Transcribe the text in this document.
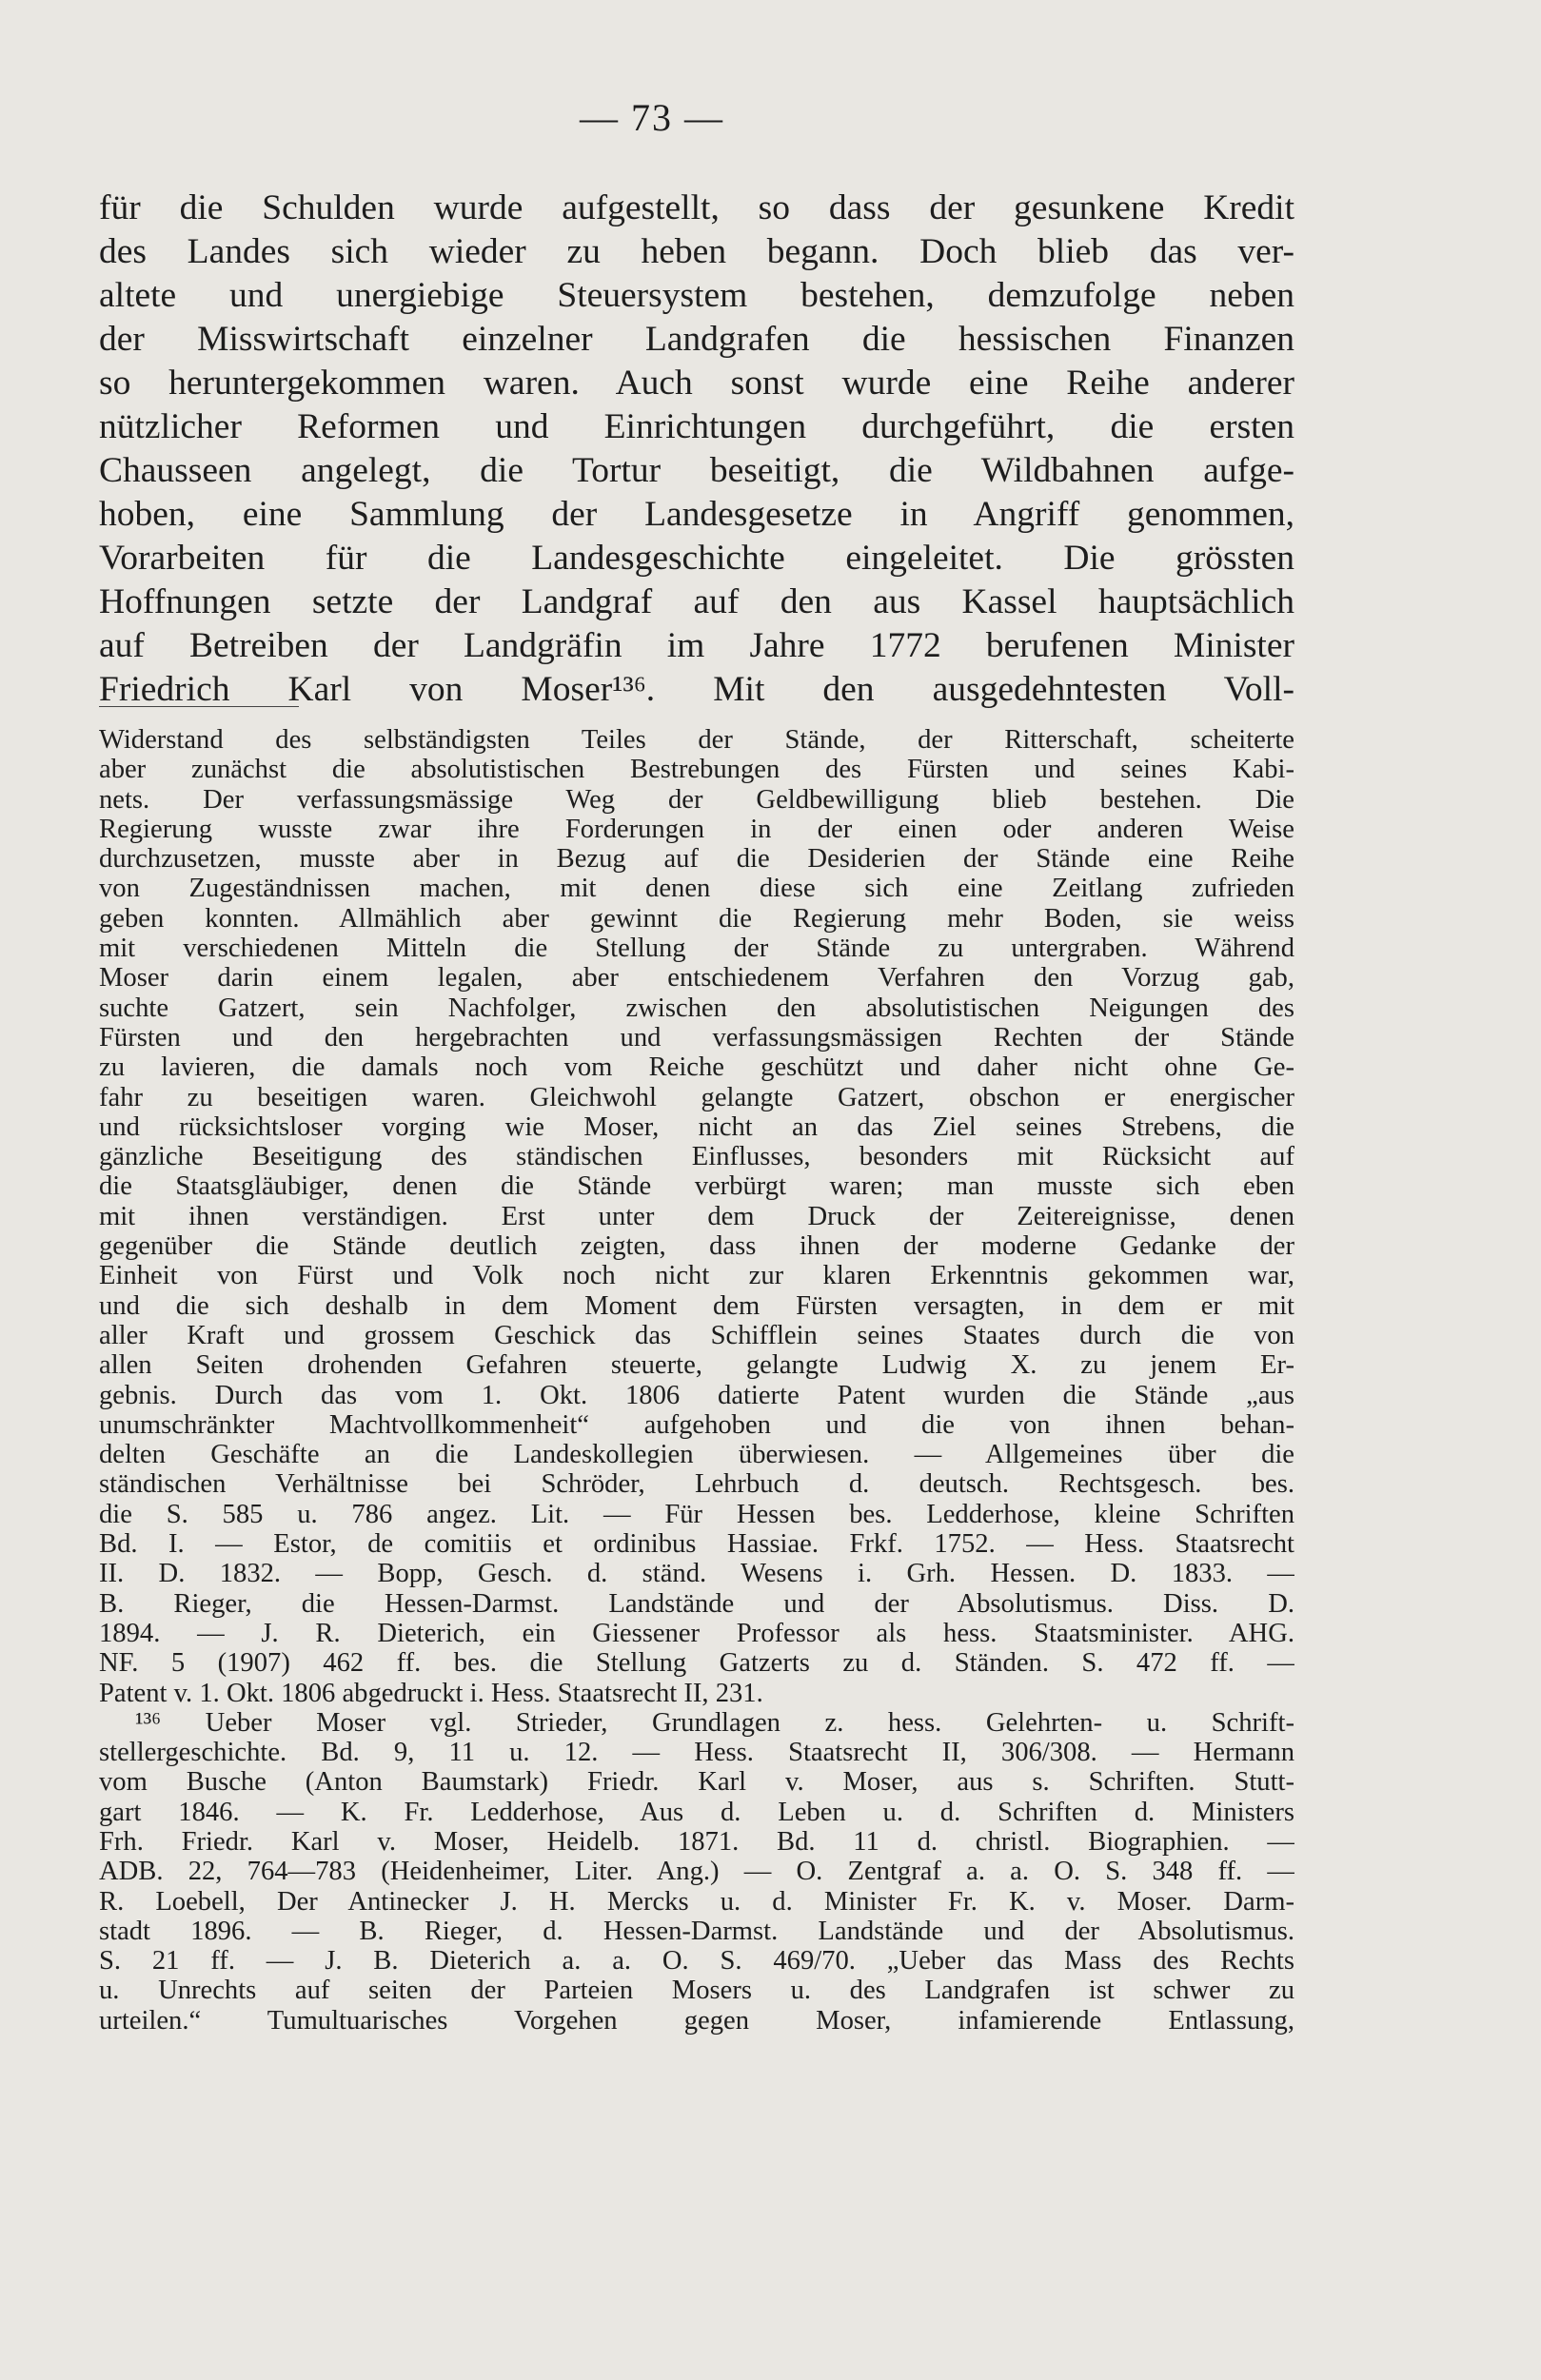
— 73 —
für die Schulden wurde aufgestellt, so dass der gesunkene Kredit
des Landes sich wieder zu heben begann. Doch blieb das ver-
altete und unergiebige Steuersystem bestehen, demzufolge neben
der Misswirtschaft einzelner Landgrafen die hessischen Finanzen
so heruntergekommen waren. Auch sonst wurde eine Reihe anderer
nützlicher Reformen und Einrichtungen durchgeführt, die ersten
Chausseen angelegt, die Tortur beseitigt, die Wildbahnen aufge-
hoben, eine Sammlung der Landesgesetze in Angriff genommen,
Vorarbeiten für die Landesgeschichte eingeleitet. Die grössten
Hoffnungen setzte der Landgraf auf den aus Kassel hauptsächlich
auf Betreiben der Landgräfin im Jahre 1772 berufenen Minister
Friedrich Karl von Moser¹³⁶. Mit den ausgedehntesten Voll-
Widerstand des selbständigsten Teiles der Stände, der Ritterschaft, scheiterte
aber zunächst die absolutistischen Bestrebungen des Fürsten und seines Kabi-
nets. Der verfassungsmässige Weg der Geldbewilligung blieb bestehen. Die
Regierung wusste zwar ihre Forderungen in der einen oder anderen Weise
durchzusetzen, musste aber in Bezug auf die Desiderien der Stände eine Reihe
von Zugeständnissen machen, mit denen diese sich eine Zeitlang zufrieden
geben konnten. Allmählich aber gewinnt die Regierung mehr Boden, sie weiss
mit verschiedenen Mitteln die Stellung der Stände zu untergraben. Während
Moser darin einem legalen, aber entschiedenem Verfahren den Vorzug gab,
suchte Gatzert, sein Nachfolger, zwischen den absolutistischen Neigungen des
Fürsten und den hergebrachten und verfassungsmässigen Rechten der Stände
zu lavieren, die damals noch vom Reiche geschützt und daher nicht ohne Ge-
fahr zu beseitigen waren. Gleichwohl gelangte Gatzert, obschon er energischer
und rücksichtsloser vorging wie Moser, nicht an das Ziel seines Strebens, die
gänzliche Beseitigung des ständischen Einflusses, besonders mit Rücksicht auf
die Staatsgläubiger, denen die Stände verbürgt waren; man musste sich eben
mit ihnen verständigen. Erst unter dem Druck der Zeitereignisse, denen
gegenüber die Stände deutlich zeigten, dass ihnen der moderne Gedanke der
Einheit von Fürst und Volk noch nicht zur klaren Erkenntnis gekommen war,
und die sich deshalb in dem Moment dem Fürsten versagten, in dem er mit
aller Kraft und grossem Geschick das Schifflein seines Staates durch die von
allen Seiten drohenden Gefahren steuerte, gelangte Ludwig X. zu jenem Er-
gebnis. Durch das vom 1. Okt. 1806 datierte Patent wurden die Stände „aus
unumschränkter Machtvollkommenheit“ aufgehoben und die von ihnen behan-
delten Geschäfte an die Landeskollegien überwiesen. — Allgemeines über die
ständischen Verhältnisse bei Schröder, Lehrbuch d. deutsch. Rechtsgesch. bes.
die S. 585 u. 786 angez. Lit. — Für Hessen bes. Ledderhose, kleine Schriften
Bd. I. — Estor, de comitiis et ordinibus Hassiae. Frkf. 1752. — Hess. Staatsrecht
II. D. 1832. — Bopp, Gesch. d. ständ. Wesens i. Grh. Hessen. D. 1833. —
B. Rieger, die Hessen-Darmst. Landstände und der Absolutismus. Diss. D.
1894. — J. R. Dieterich, ein Giessener Professor als hess. Staatsminister. AHG.
NF. 5 (1907) 462 ff. bes. die Stellung Gatzerts zu d. Ständen. S. 472 ff. —
Patent v. 1. Okt. 1806 abgedruckt i. Hess. Staatsrecht II, 231.
¹³⁶ Ueber Moser vgl. Strieder, Grundlagen z. hess. Gelehrten- u. Schrift-
stellergeschichte. Bd. 9, 11 u. 12. — Hess. Staatsrecht II, 306/308. — Hermann
vom Busche (Anton Baumstark) Friedr. Karl v. Moser, aus s. Schriften. Stutt-
gart 1846. — K. Fr. Ledderhose, Aus d. Leben u. d. Schriften d. Ministers
Frh. Friedr. Karl v. Moser, Heidelb. 1871. Bd. 11 d. christl. Biographien. —
ADB. 22, 764—783 (Heidenheimer, Liter. Ang.) — O. Zentgraf a. a. O. S. 348 ff. —
R. Loebell, Der Antinecker J. H. Mercks u. d. Minister Fr. K. v. Moser. Darm-
stadt 1896. — B. Rieger, d. Hessen-Darmst. Landstände und der Absolutismus.
S. 21 ff. — J. B. Dieterich a. a. O. S. 469/70. „Ueber das Mass des Rechts
u. Unrechts auf seiten der Parteien Mosers u. des Landgrafen ist schwer zu
urteilen.“ Tumultuarisches Vorgehen gegen Moser, infamierende Entlassung,
